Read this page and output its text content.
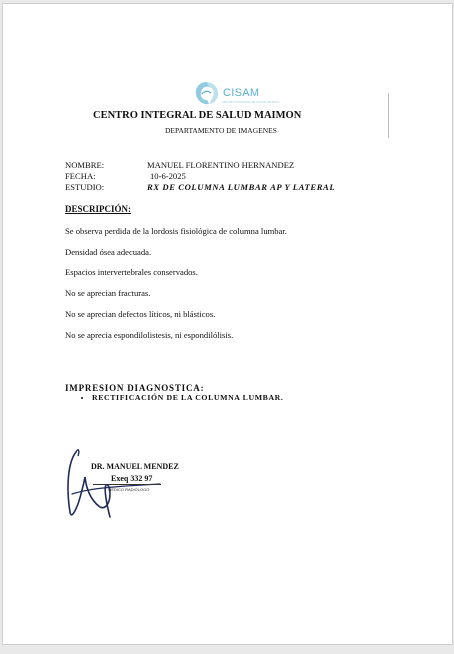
CISAM
CENTRO INTEGRAL DE SALUD MAIMON
CENTRO INTEGRAL DE SALUD MAIMON
DEPARTAMENTO DE IMAGENES
NOMBRE:	MANUEL FLORENTINO HERNANDEZ
FECHA:	10-6-2025
ESTUDIO:	RX DE COLUMNA LUMBAR AP Y LATERAL
DESCRIPCIÓN:
Se observa perdida de la lordosis fisiológica de columna lumbar.
Densidad ósea adecuada.
Espacios intervertebrales conservados.
No se aprecian fracturas.
No se aprecian defectos líticos, ni blásticos.
No se aprecia espondilolistesis, ni espondilólisis.
IMPRESION DIAGNOSTICA:
• RECTIFICACIÓN DE LA COLUMNA LUMBAR.
DR. MANUEL MENDEZ
Exeq 332 97
MÉDICO RADIÓLOGO
